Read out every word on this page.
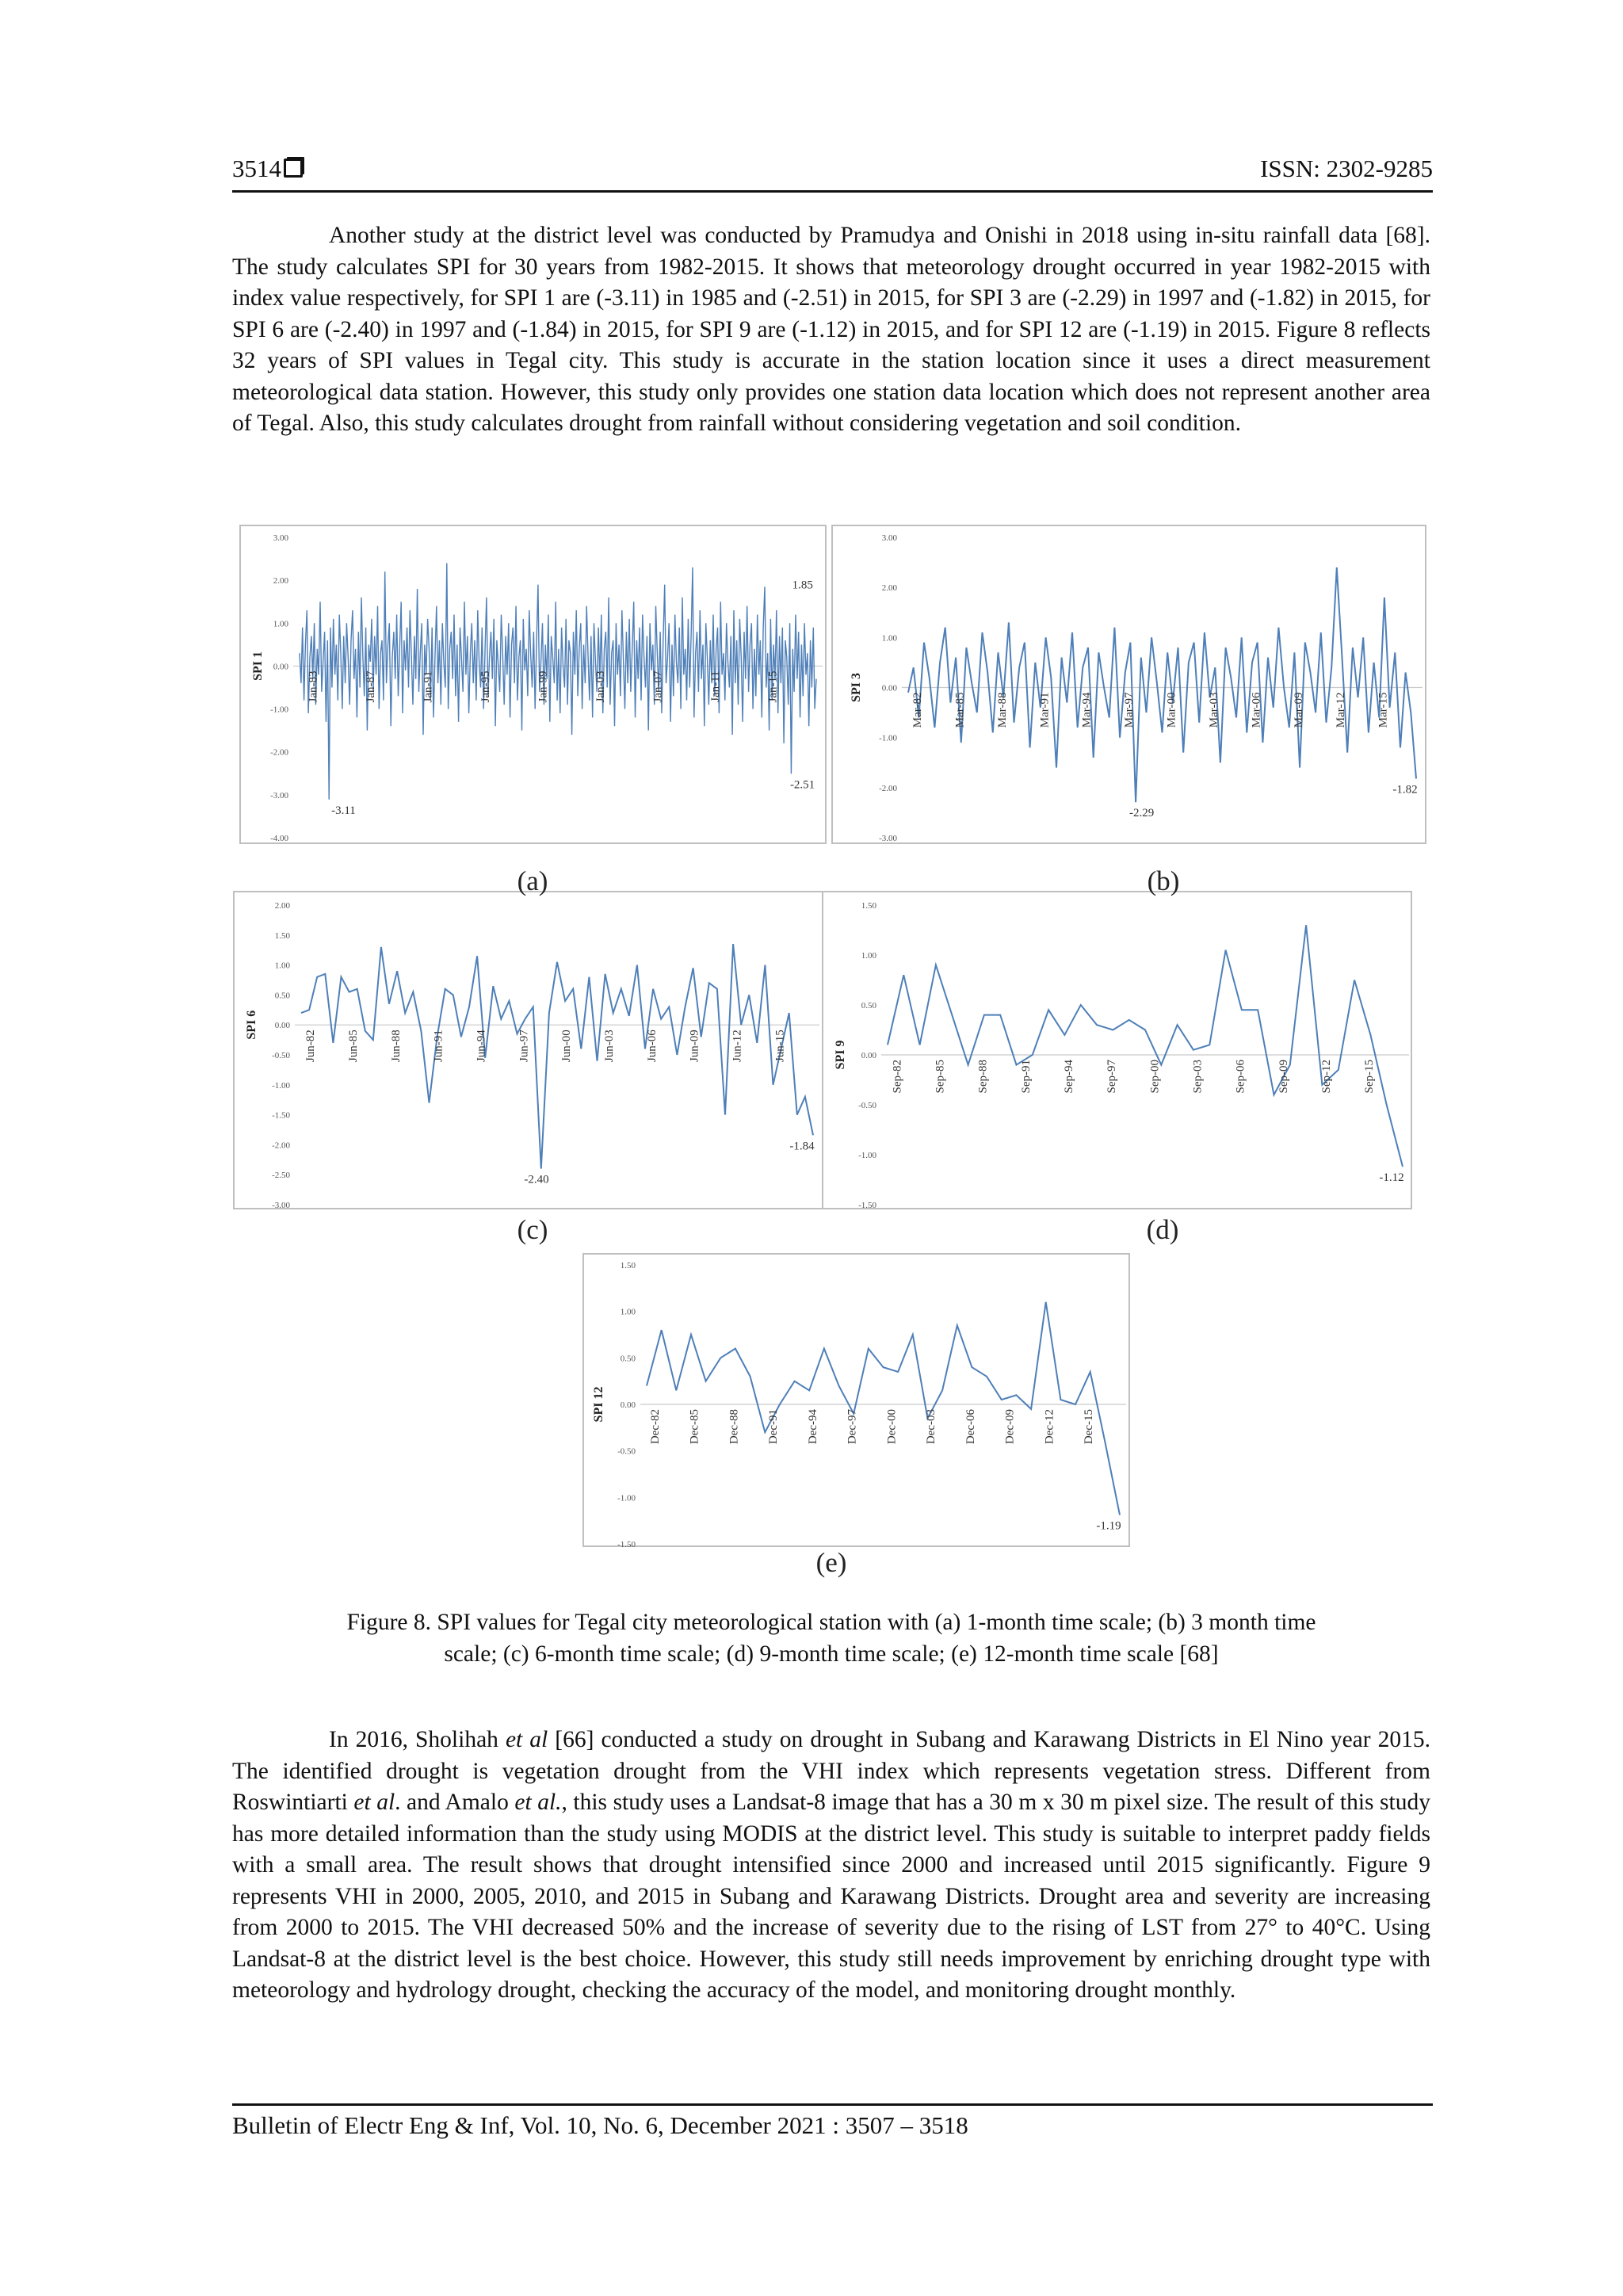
3514	ISSN: 2302-9285

Another study at the district level was conducted by Pramudya and Onishi in 2018 using in-situ rainfall data [68]. The study calculates SPI for 30 years from 1982-2015. It shows that meteorology drought occurred in year 1982-2015 with index value respectively, for SPI 1 are (-3.11) in 1985 and (-2.51) in 2015, for SPI 3 are (-2.29) in 1997 and (-1.82) in 2015, for SPI 6 are (-2.40) in 1997 and (-1.84) in 2015, for SPI 9 are (-1.12) in 2015, and for SPI 12 are (-1.19) in 2015. Figure 8 reflects 32 years of SPI values in Tegal city. This study is accurate in the station location since it uses a direct measurement meteorological data station. However, this study only provides one station data location which does not represent another area of Tegal. Also, this study calculates drought from rainfall without considering vegetation and soil condition.

3.00
2.00
1.00
0.00
-1.00
-2.00
-3.00
-4.00
SPI 1
Jan-83	Jan-87	Jan-91	Jan-95	Jan-99	Jan-03	Jan-07	Jan-11	Jan-15
1.85
-3.11
-2.51
(a)
3.00
2.00
1.00
0.00
-1.00
-2.00
-3.00
SPI 3
Mar-82 Mar-85 Mar-88 Mar-91 Mar-94 Mar-97 Mar-00 Mar-03 Mar-06 Mar-09 Mar-12 Mar-15
-2.29
-1.82
(b)
2.00
1.50
1.00
0.50
0.00
-0.50
-1.00
-1.50
-2.00
-2.50
-3.00
SPI 6
Jun-82	Jun-85	Jun-88	Jun-91	Jun-94	Jun-97	Jun-00	Jun-03	Jun-06	Jun-09	Jun-12	Jun-15
-2.40
-1.84
(c)
1.50
1.00
0.50
0.00
-0.50
-1.00
-1.50
SPI 9
Sep-82	Sep-85	Sep-88	Sep-91	Sep-94	Sep-97	Sep-00	Sep-03	Sep-06	Sep-09	Sep-12	Sep-15
-1.12
(d)
1.50
1.00
0.50
0.00
-0.50
-1.00
-1.50
SPI 12
Dec-82 Dec-85 Dec-88 Dec-91 Dec-94 Dec-97 Dec-00 Dec-03 Dec-06 Dec-09 Dec-12 Dec-15
-1.19
(e)
Figure 8. SPI values for Tegal city meteorological station with (a) 1-month time scale; (b) 3 month time
scale; (c) 6-month time scale; (d) 9-month time scale; (e) 12-month time scale [68]

In 2016, Sholihah et al [66] conducted a study on drought in Subang and Karawang Districts in El Nino year 2015. The identified drought is vegetation drought from the VHI index which represents vegetation stress. Different from Roswintiarti et al. and Amalo et al., this study uses a Landsat-8 image that has a 30 m x 30 m pixel size. The result of this study has more detailed information than the study using MODIS at the district level. This study is suitable to interpret paddy fields with a small area. The result shows that drought intensified since 2000 and increased until 2015 significantly. Figure 9 represents VHI in 2000, 2005, 2010, and 2015 in Subang and Karawang Districts. Drought area and severity are increasing from 2000 to 2015. The VHI decreased 50% and the increase of severity due to the rising of LST from 27° to 40°C. Using Landsat-8 at the district level is the best choice. However, this study still needs improvement by enriching drought type with meteorology and hydrology drought, checking the accuracy of the model, and monitoring drought monthly.

Bulletin of Electr Eng & Inf, Vol. 10, No. 6, December 2021 : 3507 – 3518
